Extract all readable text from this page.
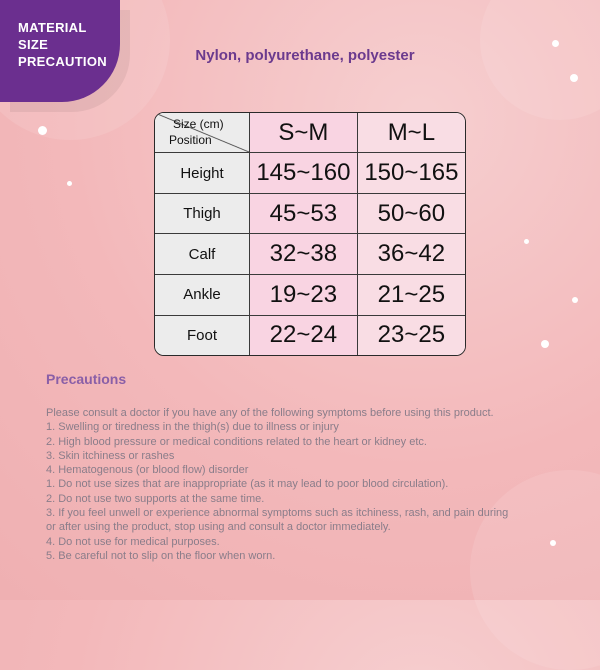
MATERIAL
SIZE
PRECAUTION	Nylon, polyurethane, polyester
Size (cm)
Position	S~M	M~L
Height	145~160	150~165
Thigh	45~53	50~60
Calf	32~38	36~42
Ankle	19~23	21~25
Foot	22~24	23~25
Precautions
Please consult a doctor if you have any of the following symptoms before using this product.
1. Swelling or tiredness in the thigh(s) due to illness or injury
2. High blood pressure or medical conditions related to the heart or kidney etc.
3. Skin itchiness or rashes
4. Hematogenous (or blood flow) disorder
1. Do not use sizes that are inappropriate (as it may lead to poor blood circulation).
2. Do not use two supports at the same time.
3. If you feel unwell or experience abnormal symptoms such as itchiness, rash, and pain during
or after using the product, stop using and consult a doctor immediately.
4. Do not use for medical purposes.
5. Be careful not to slip on the floor when worn.
